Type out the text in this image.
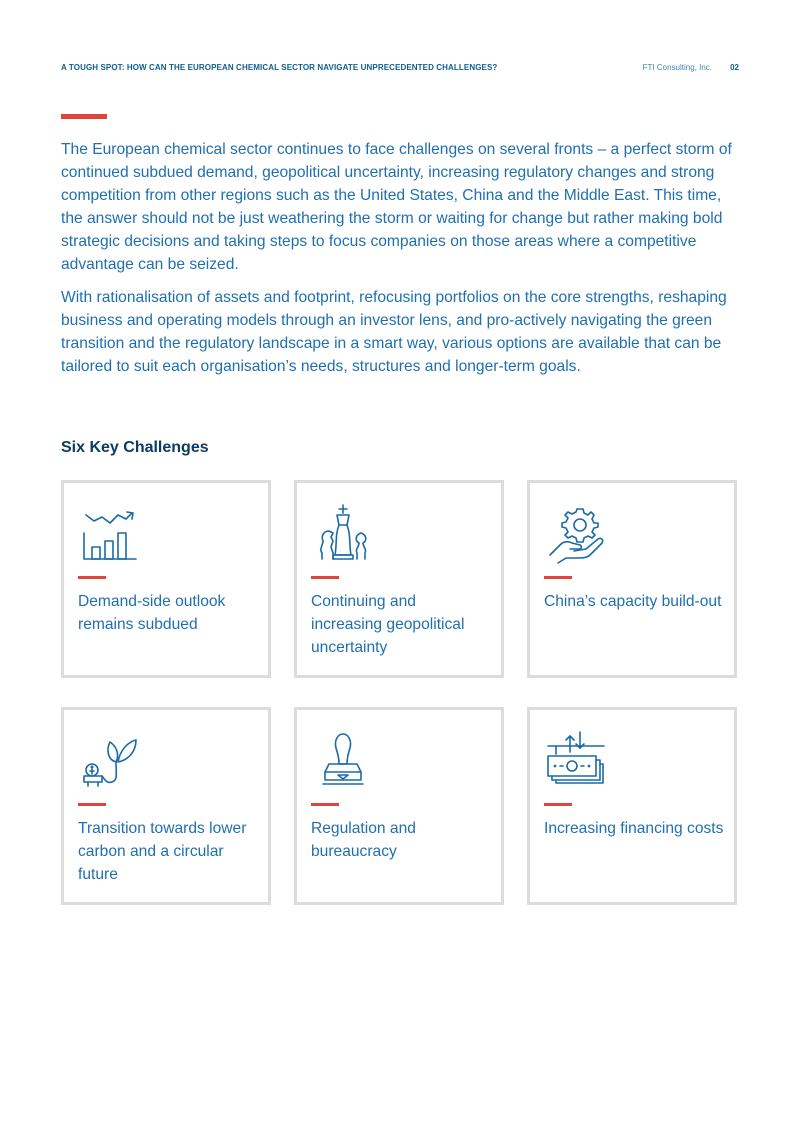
A TOUGH SPOT: HOW CAN THE EUROPEAN CHEMICAL SECTOR NAVIGATE UNPRECEDENTED CHALLENGES?	FTI Consulting, Inc. 02

The European chemical sector continues to face challenges on several fronts – a perfect storm of continued subdued demand, geopolitical uncertainty, increasing regulatory changes and strong competition from other regions such as the United States, China and the Middle East. This time, the answer should not be just weathering the storm or waiting for change but rather making bold strategic decisions and taking steps to focus companies on those areas where a competitive advantage can be seized.

With rationalisation of assets and footprint, refocusing portfolios on the core strengths, reshaping business and operating models through an investor lens, and pro-actively navigating the green transition and the regulatory landscape in a smart way, various options are available that can be tailored to suit each organisation’s needs, structures and longer-term goals.

Six Key Challenges
Demand-side outlook remains subdued
Continuing and increasing geopolitical uncertainty
China’s capacity build-out
Transition towards lower carbon and a circular future
Regulation and bureaucracy
Increasing financing costs
